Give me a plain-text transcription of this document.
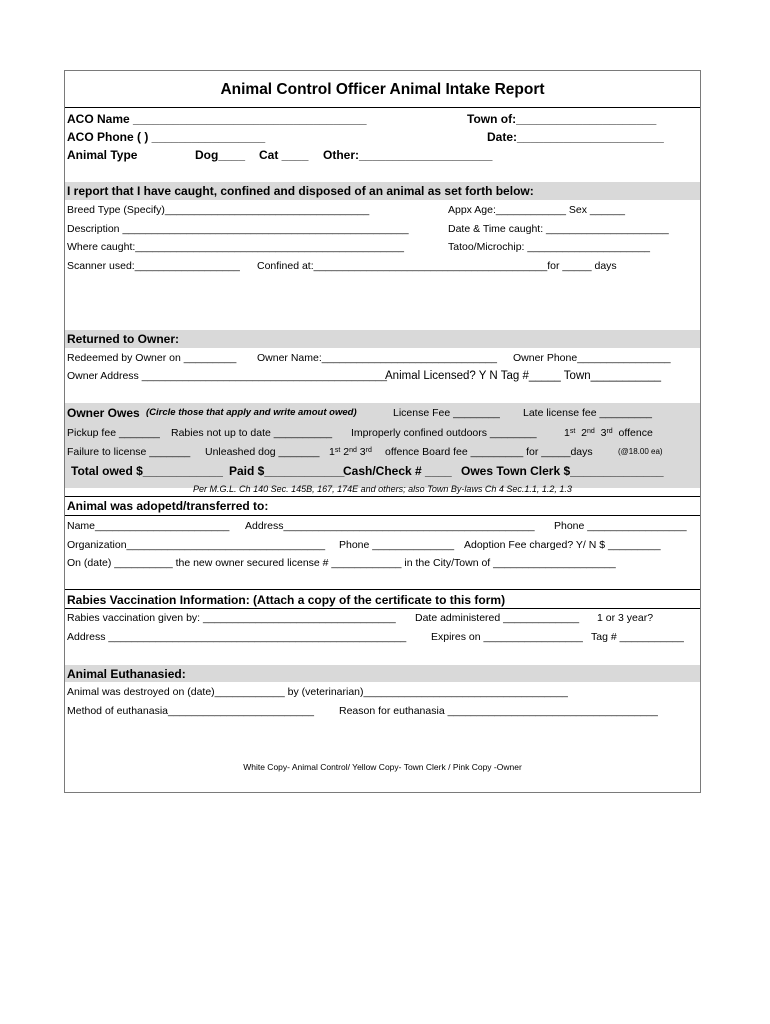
Animal Control Officer Animal Intake Report
ACO Name ___________________________________	Town of:_____________________
ACO Phone ( ) _________________	Date:______________________
Animal Type	Dog____ Cat ____ Other:____________________
I report that I have caught, confined and disposed of an animal as set forth below:
Breed Type (Specify)___________________________________	Appx Age:____________ Sex ______
Description _________________________________________________	Date & Time caught: _____________________
Where caught:______________________________________________	Tatoo/Microchip: _____________________
Scanner used:__________________ Confined at:________________________________________for _____ days
Returned to Owner:
Redeemed by Owner on _________ Owner Name:______________________________ Owner Phone________________
Owner Address __________________________________________
Animal Licensed? Y N Tag #_____ Town___________
Owner Owes (Circle those that apply and write amout owed)	License Fee ________ Late license fee _________
Pickup fee _______ Rabies not up to date __________ Improperly confined outdoors ________	1st 2nd 3rd offence
Failure to license _______ Unleashed dog _______ 1st 2nd 3rd offence Board fee _________ for _____days	(@18.00 ea)
Total owed $____________ Paid $____________
Cash/Check # ____ Owes Town Clerk $______________
Per M.G.L. Ch 140 Sec. 145B, 167, 174E and others; also Town By-laws Ch 4 Sec.1.1, 1.2, 1.3
Animal was adopetd/transferred to:
Name_______________________ Address___________________________________________ Phone _________________
Organization__________________________________ Phone ______________ Adoption Fee charged? Y/ N $ _________
On (date) __________ the new owner secured license # ____________ in the City/Town of _____________________
Rabies Vaccination Information: (Attach a copy of the certificate to this form)
Rabies vaccination given by: _________________________________ Date administered _____________ 1 or 3 year?
Address ___________________________________________________ Expires on _________________ Tag # ___________
Animal Euthanasied:
Animal was destroyed on (date)____________ by (veterinarian)___________________________________
Method of euthanasia_________________________ Reason for euthanasia ____________________________________
White Copy- Animal Control/ Yellow Copy- Town Clerk / Pink Copy -Owner
